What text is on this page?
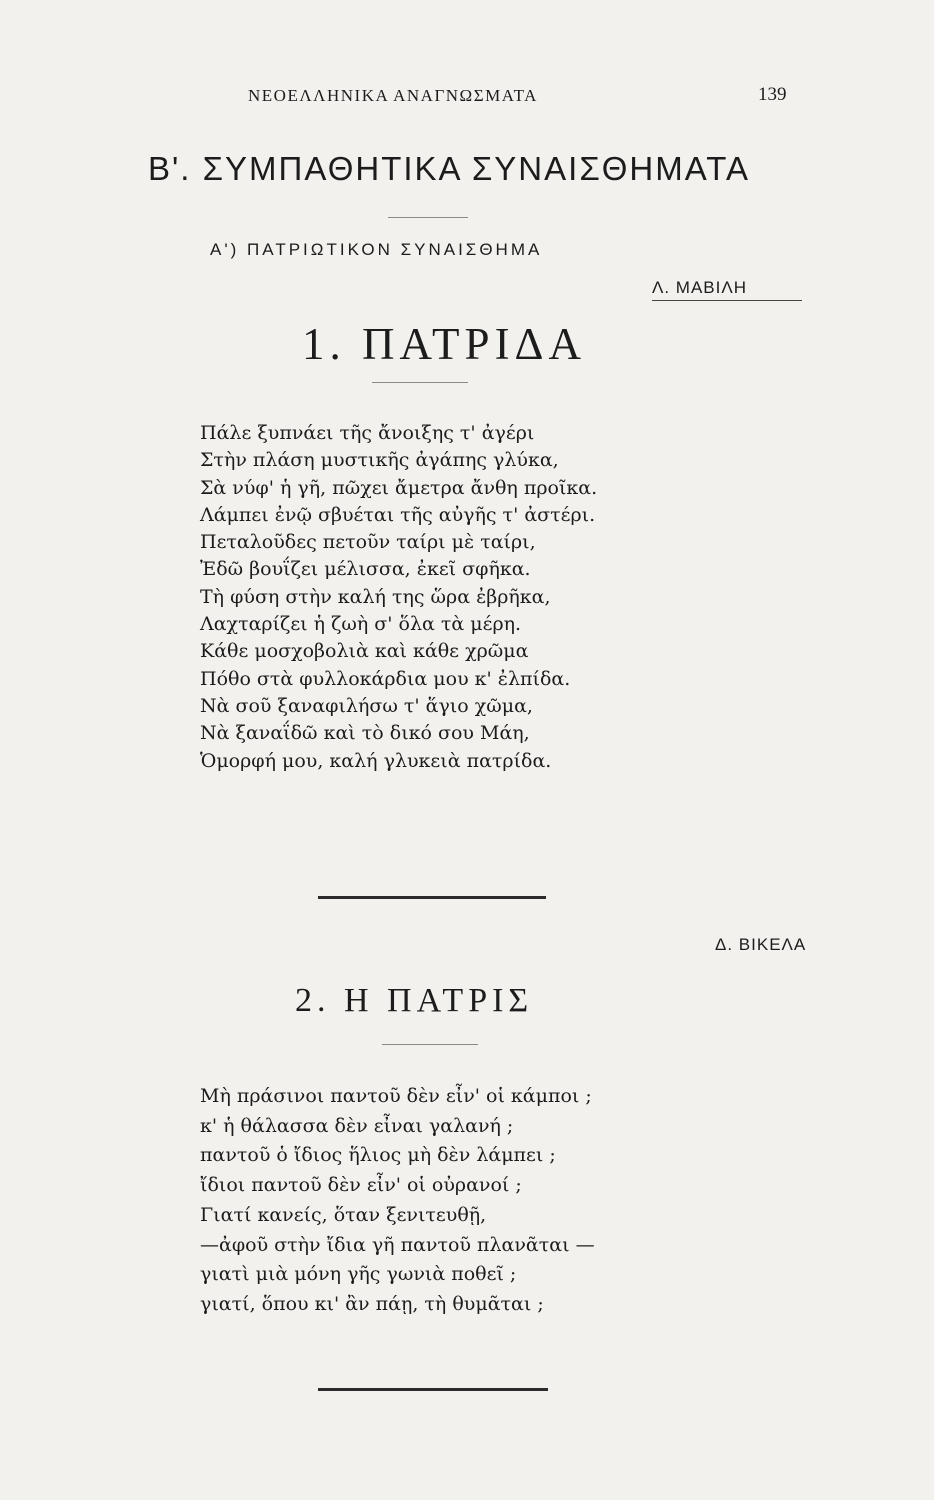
ΝΕΟΕΛΛΗΝΙΚΑ ΑΝΑΓΝΩΣΜΑΤΑ	139
Β'. ΣΥΜΠΑΘΗΤΙΚΑ ΣΥΝΑΙΣΘΗΜΑΤΑ
Α') ΠΑΤΡΙΩΤΙΚΟΝ ΣΥΝΑΙΣΘΗΜΑ
Λ. ΜΑΒΙΛΗ
1. ΠΑΤΡΙΔΑ
Πάλε ξυπνάει τῆς ἄνοιξης τ' ἀγέρι
Στὴν πλάση μυστικῆς ἀγάπης γλύκα,
Σὰ νύφ' ἡ γῆ, πῶχει ἄμετρα ἄνθη προῖκα.
Λάμπει ἐνῷ σβυέται τῆς αὐγῆς τ' ἀστέρι.
Πεταλοῦδες πετοῦν ταίρι μὲ ταίρι,
Ἐδῶ βουΐζει μέλισσα, ἐκεῖ σφῆκα.
Τὴ φύση στὴν καλή της ὥρα ἐβρῆκα,
Λαχταρίζει ἡ ζωὴ σ' ὅλα τὰ μέρη.
Κάθε μοσχοβολιὰ καὶ κάθε χρῶμα
Πόθο στὰ φυλλοκάρδια μου κ' ἐλπίδα.
Νὰ σοῦ ξαναφιλήσω τ' ἅγιο χῶμα,
Νὰ ξαναΐδῶ καὶ τὸ δικό σου Μάη,
Ὁμορφή μου, καλή γλυκειὰ πατρίδα.
Δ. ΒΙΚΕΛΑ
2. Η ΠΑΤΡΙΣ
Μὴ πράσινοι παντοῦ δὲν εἶν' οἱ κάμποι ;
κ' ἡ θάλασσα δὲν εἶναι γαλανή ;
παντοῦ ὁ ἴδιος ἥλιος μὴ δὲν λάμπει ;
ἴδιοι παντοῦ δὲν εἶν' οἱ οὐρανοί ;
Γιατί κανείς, ὅταν ξενιτευθῇ,
—ἀφοῦ στὴν ἴδια γῆ παντοῦ πλανᾶται —
γιατὶ μιὰ μόνη γῆς γωνιὰ ποθεῖ ;
γιατί, ὅπου κι' ἂν πάῃ, τὴ θυμᾶται ;
